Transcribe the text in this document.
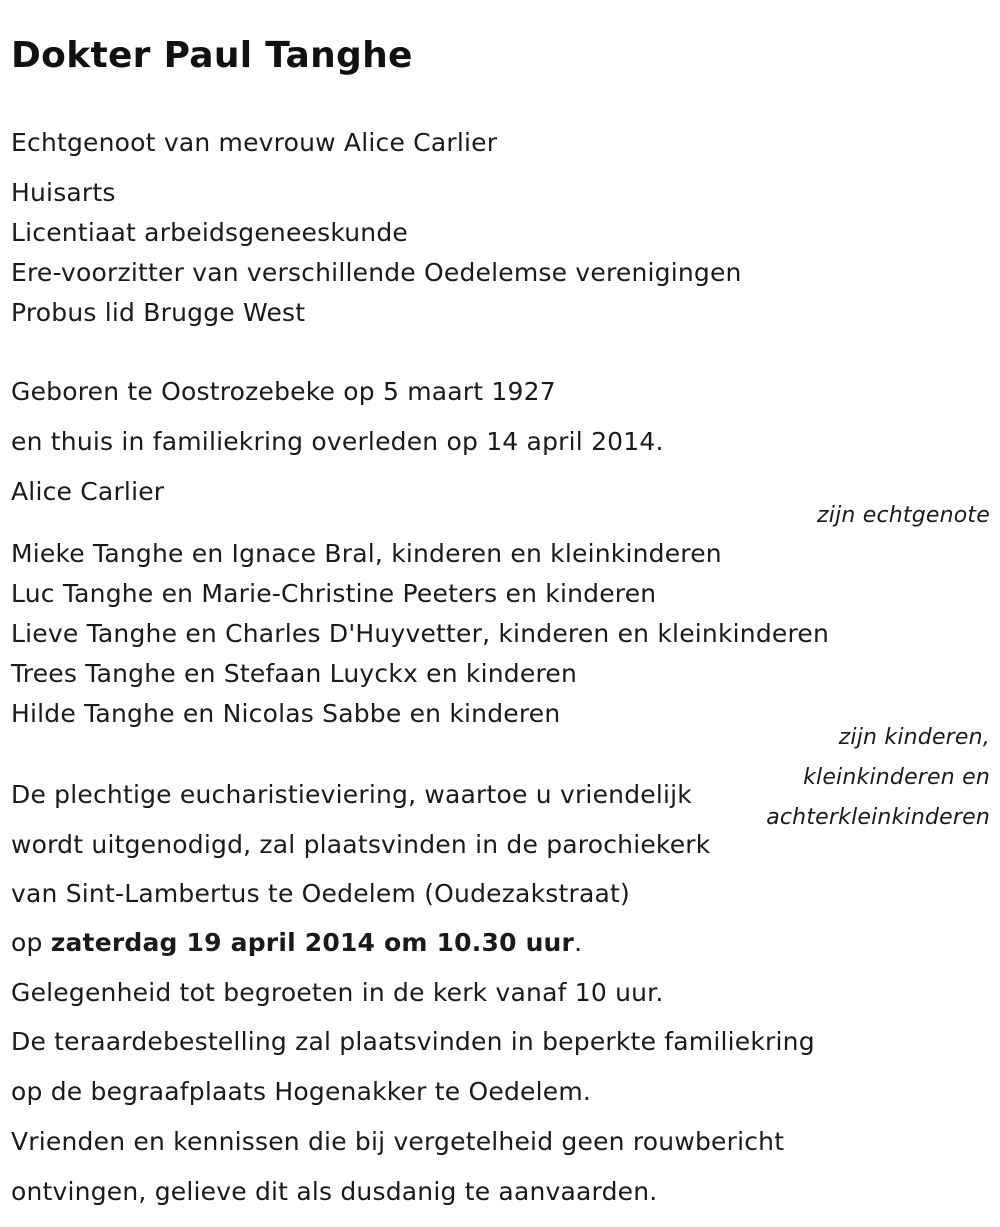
Dokter Paul Tanghe
Echtgenoot van mevrouw Alice Carlier
Huisarts
Licentiaat arbeidsgeneeskunde
Ere-voorzitter van verschillende Oedelemse verenigingen
Probus lid Brugge West
Geboren te Oostrozebeke op 5 maart 1927
en thuis in familiekring overleden op 14 april 2014.
Alice Carlier
zijn echtgenote
Mieke Tanghe en Ignace Bral, kinderen en kleinkinderen
Luc Tanghe en Marie-Christine Peeters en kinderen
Lieve Tanghe en Charles D'Huyvetter, kinderen en kleinkinderen
Trees Tanghe en Stefaan Luyckx en kinderen
Hilde Tanghe en Nicolas Sabbe en kinderen
zijn kinderen,
kleinkinderen en
achterkleinkinderen
De plechtige eucharistieviering, waartoe u vriendelijk
wordt uitgenodigd, zal plaatsvinden in de parochiekerk
van Sint-Lambertus te Oedelem (Oudezakstraat)
op zaterdag 19 april 2014 om 10.30 uur.
Gelegenheid tot begroeten in de kerk vanaf 10 uur.
De teraardebestelling zal plaatsvinden in beperkte familiekring
op de begraafplaats Hogenakker te Oedelem.
Vrienden en kennissen die bij vergetelheid geen rouwbericht
ontvingen, gelieve dit als dusdanig te aanvaarden.
